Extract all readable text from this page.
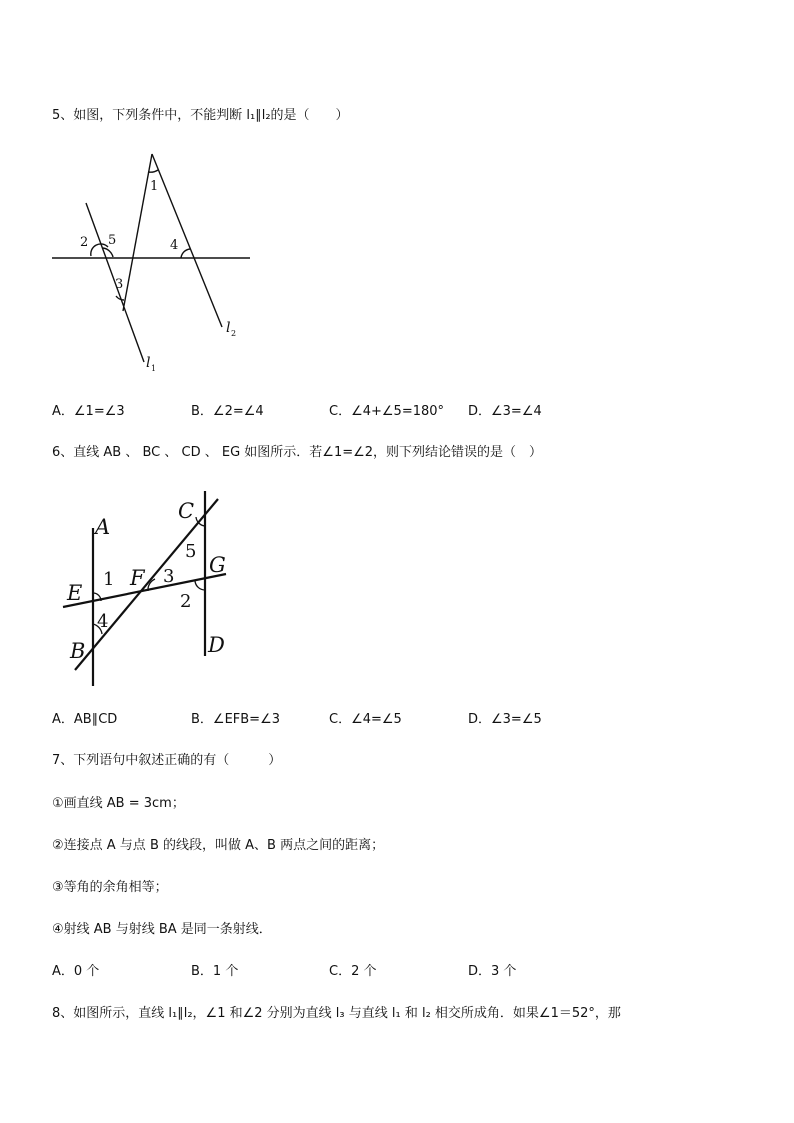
5、如图，下列条件中，不能判断 l₁∥l₂的是（　　）
1
2
3
4
5
l 1
l 2
A．∠1=∠3	B．∠2=∠4	C．∠4+∠5=180° D．∠3=∠4
6、直线 AB 、 BC 、 CD 、 EG 如图所示．若∠1=∠2，则下列结论错误的是（　）
A
B
C
D
E
F
G
1
2
3
4
5
A．AB∥CD	B．∠EFB=∠3	C．∠4=∠5	D．∠3=∠5
7、下列语句中叙述正确的有（　　　）
①画直线 AB = 3cm；
②连接点 A 与点 B 的线段，叫做 A、B 两点之间的距离；
③等角的余角相等；
④射线 AB 与射线 BA 是同一条射线．
A．0 个	B．1 个	C．2 个	D．3 个
8、如图所示，直线 l₁∥l₂，∠1 和∠2 分别为直线 l₃ 与直线 l₁ 和 l₂ 相交所成角．如果∠1＝52°，那
